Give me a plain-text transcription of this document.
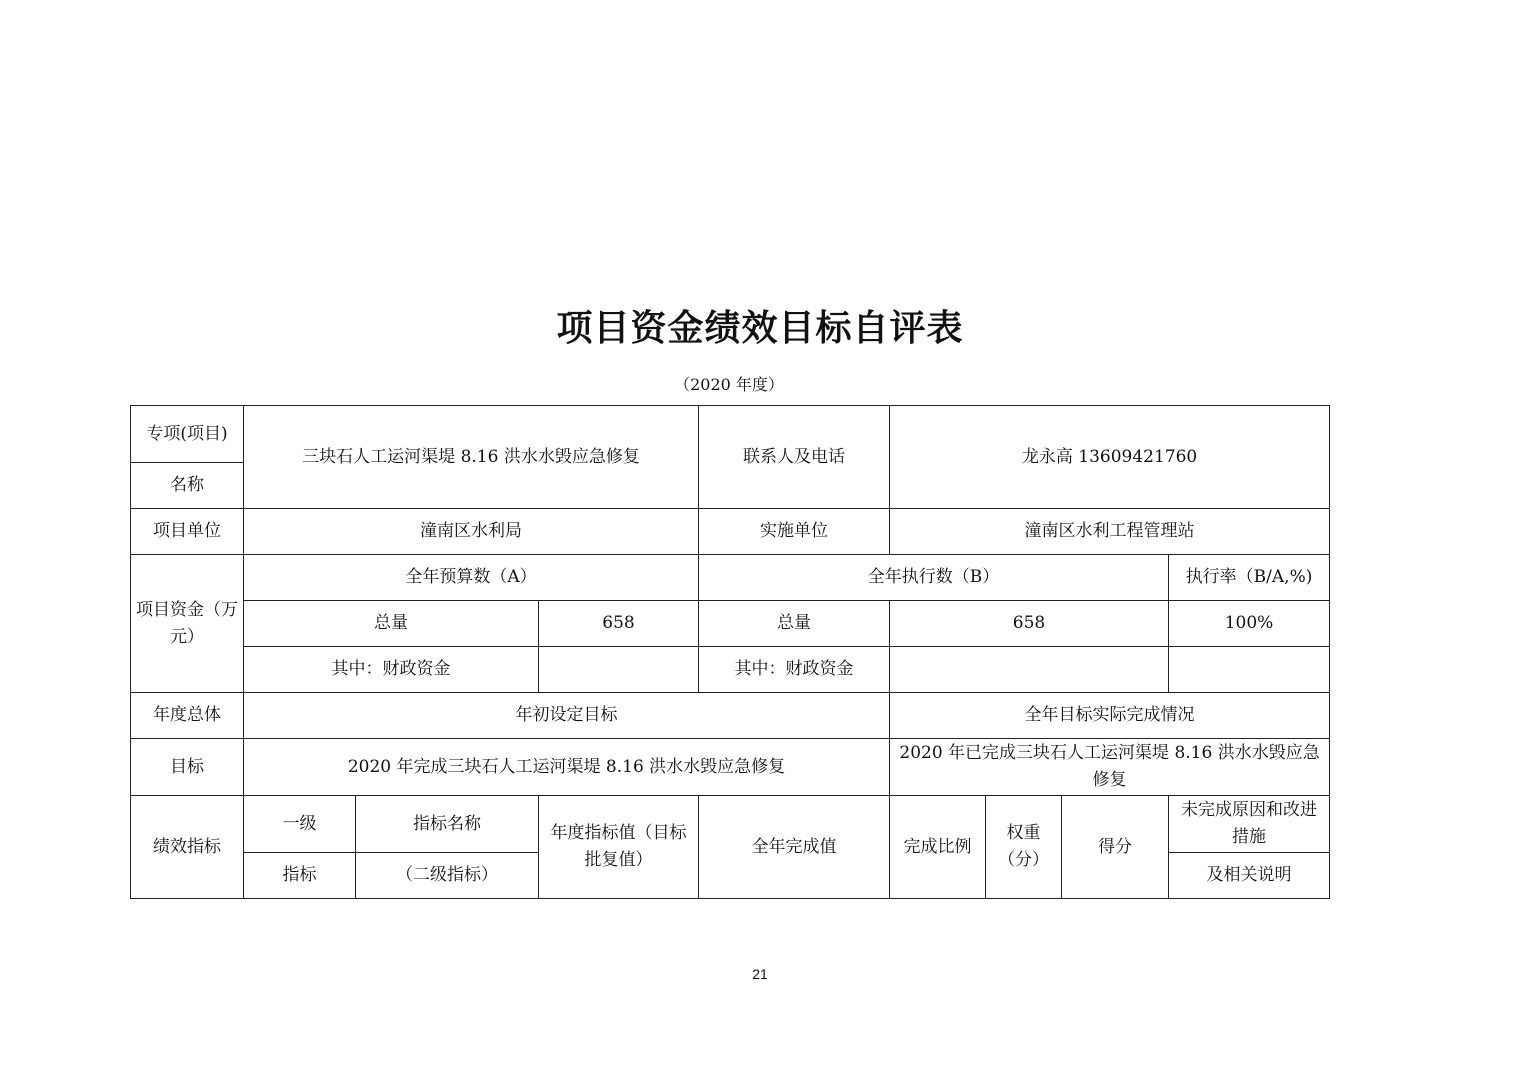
项目资金绩效目标自评表
（2020 年度）
专项(项目)	三块石人工运河渠堤 8.16 洪水水毁应急修复			联系人及电话	龙永高 13609421760			
名称								
项目单位	潼南区水利局			实施单位	潼南区水利工程管理站			
项目资金（万元）	全年预算数（A）			全年执行数（B）				执行率（B/A,%)
	总量		658	总量	658			100%
	其中：财政资金			其中：财政资金				
年度总体	年初设定目标				全年目标实际完成情况			
目标	2020 年完成三块石人工运河渠堤 8.16 洪水水毁应急修复				2020 年已完成三块石人工运河渠堤 8.16 洪水水毁应急修复			
绩效指标	一级	指标名称	年度指标值（目标批复值）	全年完成值	完成比例	权重（分）	得分	未完成原因和改进措施
	指标	（二级指标）						及相关说明
21
